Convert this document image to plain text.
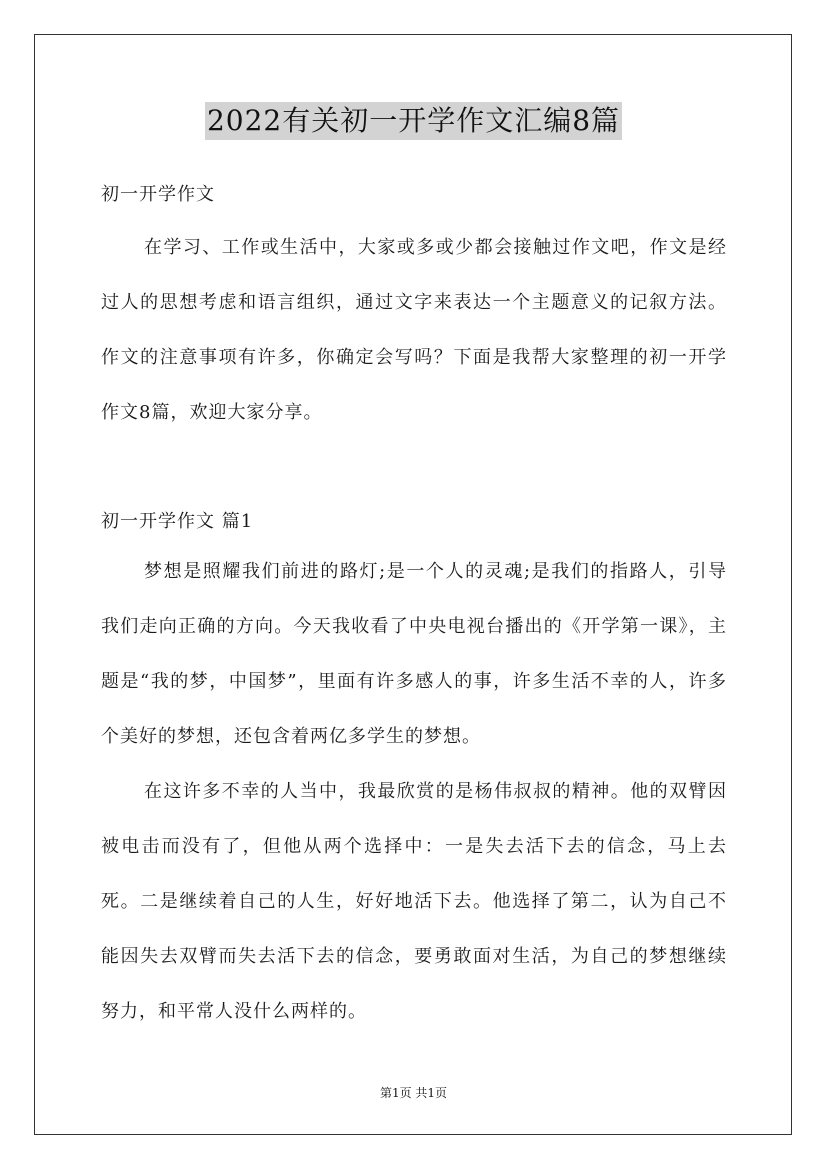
2022有关初一开学作文汇编8篇
初一开学作文

在学习、工作或生活中，大家或多或少都会接触过作文吧，作文是经过人的思想考虑和语言组织，通过文字来表达一个主题意义的记叙方法。作文的注意事项有许多，你确定会写吗？下面是我帮大家整理的初一开学作文8篇，欢迎大家分享。

初一开学作文 篇1

梦想是照耀我们前进的路灯;是一个人的灵魂;是我们的指路人，引导我们走向正确的方向。今天我收看了中央电视台播出的《开学第一课》，主题是“我的梦，中国梦”，里面有许多感人的事，许多生活不幸的人，许多个美好的梦想，还包含着两亿多学生的梦想。

在这许多不幸的人当中，我最欣赏的是杨伟叔叔的精神。他的双臂因被电击而没有了，但他从两个选择中：一是失去活下去的信念，马上去死。二是继续着自己的人生，好好地活下去。他选择了第二，认为自己不能因失去双臂而失去活下去的信念，要勇敢面对生活，为自己的梦想继续努力，和平常人没什么两样的。

第1页 共1页
